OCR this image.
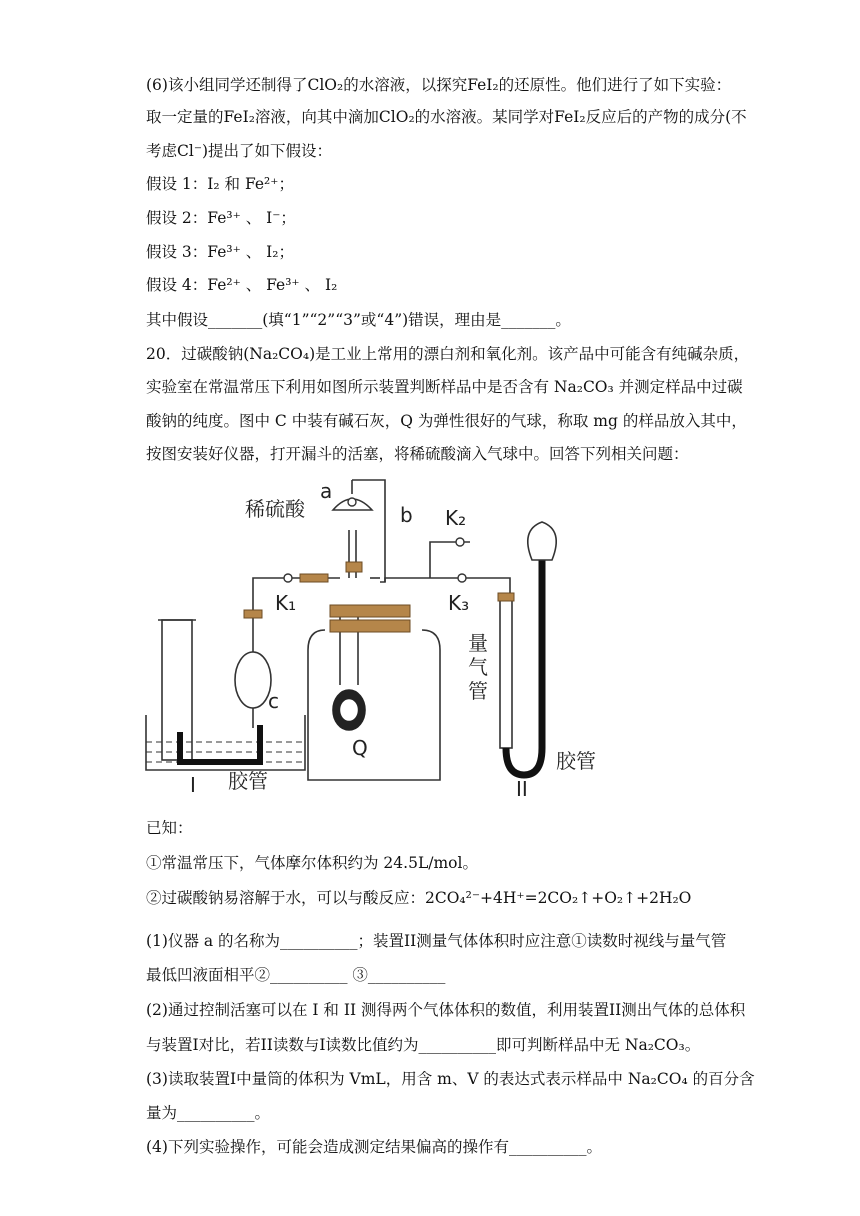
(6)该小组同学还制得了ClO₂的水溶液，以探究FeI₂的还原性。他们进行了如下实验：
取一定量的FeI₂溶液，向其中滴加ClO₂的水溶液。某同学对FeI₂反应后的产物的成分(不
考虑Cl⁻)提出了如下假设：
假设 1：I₂ 和 Fe²⁺；
假设 2：Fe³⁺ 、 I⁻；
假设 3：Fe³⁺ 、 I₂；
假设 4：Fe²⁺ 、 Fe³⁺ 、 I₂
其中假设_______(填“1”“2”“3”或“4”)错误，理由是_______。
20．过碳酸钠(Na₂CO₄)是工业上常用的漂白剂和氧化剂。该产品中可能含有纯碱杂质，
实验室在常温常压下利用如图所示装置判断样品中是否含有 Na₂CO₃ 并测定样品中过碳
酸钠的纯度。图中 C 中装有碱石灰，Q 为弹性很好的气球，称取 mg 的样品放入其中，
按图安装好仪器，打开漏斗的活塞，将稀硫酸滴入气球中。回答下列相关问题：
稀硫酸
a
b
K₁
K₂
K₃
c
Q
I 胶管
胶管
II
量
气
管
已知：
①常温常压下，气体摩尔体积约为 24.5L/mol。
②过碳酸钠易溶解于水，可以与酸反应：2CO₄²⁻+4H⁺=2CO₂↑+O₂↑+2H₂O
(1)仪器 a 的名称为__________；装置II测量气体体积时应注意①读数时视线与量气管
最低凹液面相平②__________ ③__________
(2)通过控制活塞可以在 I 和 II 测得两个气体体积的数值，利用装置II测出气体的总体积
与装置I对比，若II读数与I读数比值约为__________即可判断样品中无 Na₂CO₃。
(3)读取装置I中量筒的体积为 VmL，用含 m、V 的表达式表示样品中 Na₂CO₄ 的百分含
量为__________。
(4)下列实验操作，可能会造成测定结果偏高的操作有__________。
